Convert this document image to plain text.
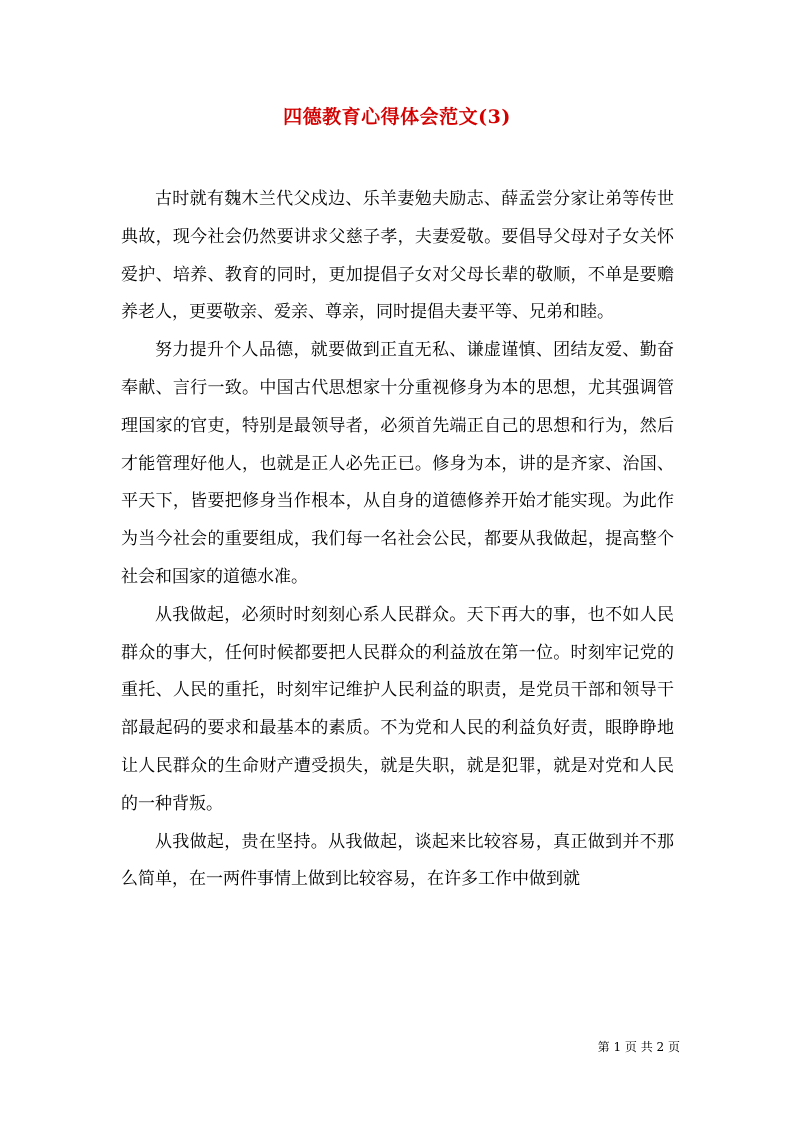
四德教育心得体会范文(3)

古时就有魏木兰代父戍边、乐羊妻勉夫励志、薛孟尝分家让弟等传世典故，现今社会仍然要讲求父慈子孝，夫妻爱敬。要倡导父母对子女关怀爱护、培养、教育的同时，更加提倡子女对父母长辈的敬顺，不单是要赡养老人，更要敬亲、爱亲、尊亲，同时提倡夫妻平等、兄弟和睦。

努力提升个人品德，就要做到正直无私、谦虚谨慎、团结友爱、勤奋奉献、言行一致。中国古代思想家十分重视修身为本的思想，尤其强调管理国家的官吏，特别是最领导者，必须首先端正自己的思想和行为，然后才能管理好他人，也就是正人必先正已。修身为本，讲的是齐家、治国、平天下，皆要把修身当作根本，从自身的道德修养开始才能实现。为此作为当今社会的重要组成，我们每一名社会公民，都要从我做起，提高整个社会和国家的道德水准。

从我做起，必须时时刻刻心系人民群众。天下再大的事，也不如人民群众的事大，任何时候都要把人民群众的利益放在第一位。时刻牢记党的重托、人民的重托，时刻牢记维护人民利益的职责，是党员干部和领导干部最起码的要求和最基本的素质。不为党和人民的利益负好责，眼睁睁地让人民群众的生命财产遭受损失，就是失职，就是犯罪，就是对党和人民的一种背叛。

从我做起，贵在坚持。从我做起，谈起来比较容易，真正做到并不那么简单，在一两件事情上做到比较容易，在许多工作中做到就

第 1 页 共 2 页
